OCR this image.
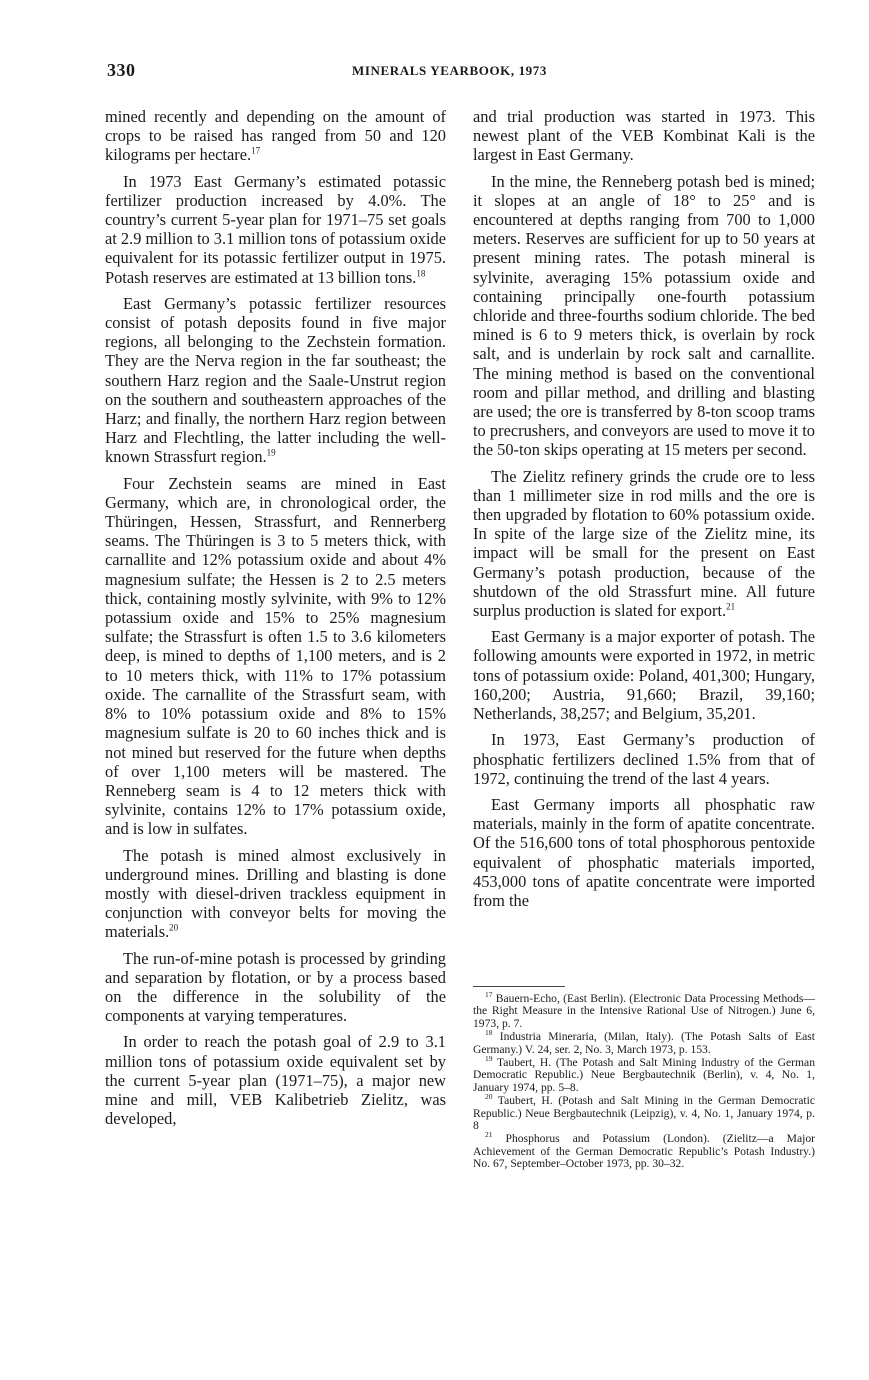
330	MINERALS YEARBOOK, 1973

mined recently and depending on the amount of crops to be raised has ranged from 50 and 120 kilograms per hectare.$^{17}$

In 1973 East Germany’s estimated potassic fertilizer production increased by 4.0%. The country’s current 5-year plan for 1971–75 set goals at 2.9 million to 3.1 million tons of potassium oxide equivalent for its potassic fertilizer output in 1975. Potash reserves are estimated at 13 billion tons.$^{18}$

East Germany’s potassic fertilizer resources consist of potash deposits found in five major regions, all belonging to the Zechstein formation. They are the Nerva region in the far southeast; the southern Harz region and the Saale-Unstrut region on the southern and southeastern approaches of the Harz; and finally, the northern Harz region between Harz and Flechtling, the latter including the well-known Strassfurt region.$^{19}$

Four Zechstein seams are mined in East Germany, which are, in chronological order, the Thüringen, Hessen, Strassfurt, and Rennerberg seams. The Thüringen is 3 to 5 meters thick, with carnallite and 12% potassium oxide and about 4% magnesium sulfate; the Hessen is 2 to 2.5 meters thick, containing mostly sylvinite, with 9% to 12% potassium oxide and 15% to 25% magnesium sulfate; the Strassfurt is often 1.5 to 3.6 kilometers deep, is mined to depths of 1,100 meters, and is 2 to 10 meters thick, with 11% to 17% potassium oxide. The carnallite of the Strassfurt seam, with 8% to 10% potassium oxide and 8% to 15% magnesium sulfate is 20 to 60 inches thick and is not mined but reserved for the future when depths of over 1,100 meters will be mastered. The Renneberg seam is 4 to 12 meters thick with sylvinite, contains 12% to 17% potassium oxide, and is low in sulfates.

The potash is mined almost exclusively in underground mines. Drilling and blasting is done mostly with diesel-driven trackless equipment in conjunction with conveyor belts for moving the materials.$^{20}$

The run-of-mine potash is processed by grinding and separation by flotation, or by a process based on the difference in the solubility of the components at varying temperatures.

In order to reach the potash goal of 2.9 to 3.1 million tons of potassium oxide equivalent set by the current 5-year plan (1971–75), a major new mine and mill, VEB Kalibetrieb Zielitz, was developed,

and trial production was started in 1973. This newest plant of the VEB Kombinat Kali is the largest in East Germany.

In the mine, the Renneberg potash bed is mined; it slopes at an angle of 18° to 25° and is encountered at depths ranging from 700 to 1,000 meters. Reserves are sufficient for up to 50 years at present mining rates. The potash mineral is sylvinite, averaging 15% potassium oxide and containing principally one-fourth potassium chloride and three-fourths sodium chloride. The bed mined is 6 to 9 meters thick, is overlain by rock salt, and is underlain by rock salt and carnallite. The mining method is based on the conventional room and pillar method, and drilling and blasting are used; the ore is transferred by 8-ton scoop trams to precrushers, and conveyors are used to move it to the 50-ton skips operating at 15 meters per second.

The Zielitz refinery grinds the crude ore to less than 1 millimeter size in rod mills and the ore is then upgraded by flotation to 60% potassium oxide. In spite of the large size of the Zielitz mine, its impact will be small for the present on East Germany’s potash production, because of the shutdown of the old Strassfurt mine. All future surplus production is slated for export.$^{21}$

East Germany is a major exporter of potash. The following amounts were exported in 1972, in metric tons of potassium oxide: Poland, 401,300; Hungary, 160,200; Austria, 91,660; Brazil, 39,160; Netherlands, 38,257; and Belgium, 35,201.

In 1973, East Germany’s production of phosphatic fertilizers declined 1.5% from that of 1972, continuing the trend of the last 4 years.

East Germany imports all phosphatic raw materials, mainly in the form of apatite concentrate. Of the 516,600 tons of total phosphorous pentoxide equivalent of phosphatic materials imported, 453,000 tons of apatite concentrate were imported from the

$^{17}$ Bauern-Echo, (East Berlin). (Electronic Data Processing Methods—the Right Measure in the Intensive Rational Use of Nitrogen.) June 6, 1973, p. 7.
$^{18}$ Industria Mineraria, (Milan, Italy). (The Potash Salts of East Germany.) V. 24, ser. 2, No. 3, March 1973, p. 153.
$^{19}$ Taubert, H. (The Potash and Salt Mining Industry of the German Democratic Republic.) Neue Bergbautechnik (Berlin), v. 4, No. 1, January 1974, pp. 5–8.
$^{20}$ Taubert, H. (Potash and Salt Mining in the German Democratic Republic.) Neue Bergbautechnik (Leipzig), v. 4, No. 1, January 1974, p. 8
$^{21}$ Phosphorus and Potassium (London). (Zielitz—a Major Achievement of the German Democratic Republic’s Potash Industry.) No. 67, September–October 1973, pp. 30–32.
